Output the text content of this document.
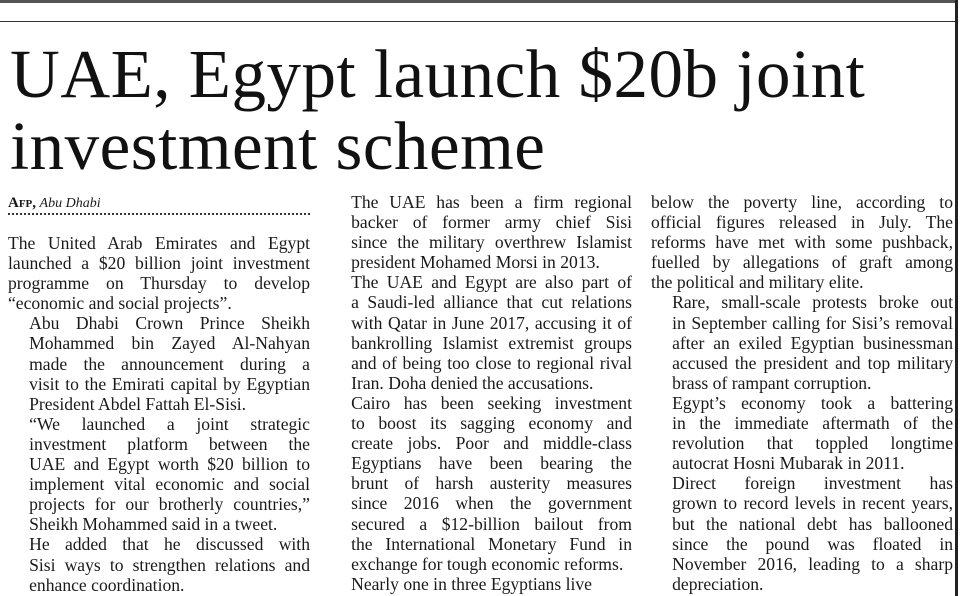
UAE, Egypt launch $20b joint
investment scheme
Afp, Abu Dhabi

The United Arab Emirates and Egypt
launched a $20 billion joint investment
programme on Thursday to develop
“economic and social projects”.

Abu Dhabi Crown Prince Sheikh
Mohammed bin Zayed Al-Nahyan
made the announcement during a
visit to the Emirati capital by Egyptian
President Abdel Fattah El-Sisi.

“We launched a joint strategic
investment platform between the
UAE and Egypt worth $20 billion to
implement vital economic and social
projects for our brotherly countries,”
Sheikh Mohammed said in a tweet.

He added that he discussed with
Sisi ways to strengthen relations and
enhance coordination.

The UAE has been a firm regional
backer of former army chief Sisi
since the military overthrew Islamist
president Mohamed Morsi in 2013.

The UAE and Egypt are also part of
a Saudi-led alliance that cut relations
with Qatar in June 2017, accusing it of
bankrolling Islamist extremist groups
and of being too close to regional rival
Iran. Doha denied the accusations.

Cairo has been seeking investment
to boost its sagging economy and
create jobs. Poor and middle-class
Egyptians have been bearing the
brunt of harsh austerity measures
since 2016 when the government
secured a $12-billion bailout from
the International Monetary Fund in
exchange for tough economic reforms.

Nearly one in three Egyptians live

below the poverty line, according to
official figures released in July. The
reforms have met with some pushback,
fuelled by allegations of graft among
the political and military elite.

Rare, small-scale protests broke out
in September calling for Sisi’s removal
after an exiled Egyptian businessman
accused the president and top military
brass of rampant corruption.

Egypt’s economy took a battering
in the immediate aftermath of the
revolution that toppled longtime
autocrat Hosni Mubarak in 2011.

Direct foreign investment has
grown to record levels in recent years,
but the national debt has ballooned
since the pound was floated in
November 2016, leading to a sharp
depreciation.
